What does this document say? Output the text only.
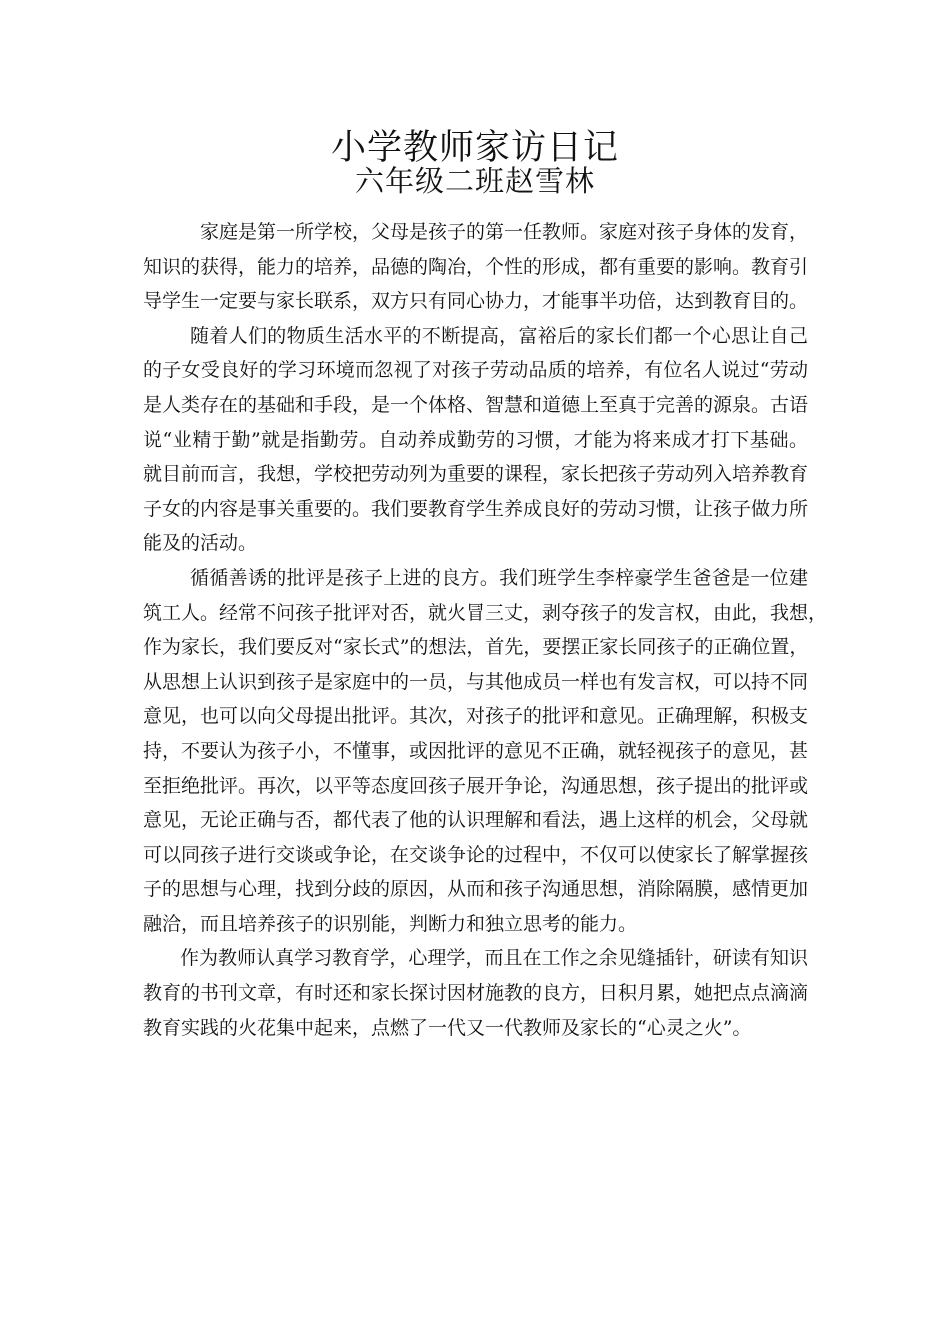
小学教师家访日记
六年级二班赵雪林
家庭是第一所学校，父母是孩子的第一任教师。家庭对孩子身体的发育，
知识的获得，能力的培养，品德的陶冶，个性的形成，都有重要的影响。教育引
导学生一定要与家长联系，双方只有同心协力，才能事半功倍，达到教育目的。
随着人们的物质生活水平的不断提高，富裕后的家长们都一个心思让自己
的子女受良好的学习环境而忽视了对孩子劳动品质的培养，有位名人说过“劳动
是人类存在的基础和手段，是一个体格、智慧和道德上至真于完善的源泉。古语
说“业精于勤”就是指勤劳。自动养成勤劳的习惯，才能为将来成才打下基础。
就目前而言，我想，学校把劳动列为重要的课程，家长把孩子劳动列入培养教育
子女的内容是事关重要的。我们要教育学生养成良好的劳动习惯，让孩子做力所
能及的活动。
循循善诱的批评是孩子上进的良方。我们班学生李梓豪学生爸爸是一位建
筑工人。经常不问孩子批评对否，就火冒三丈，剥夺孩子的发言权，由此，我想，
作为家长，我们要反对“家长式”的想法，首先，要摆正家长同孩子的正确位置，
从思想上认识到孩子是家庭中的一员，与其他成员一样也有发言权，可以持不同
意见，也可以向父母提出批评。其次，对孩子的批评和意见。正确理解，积极支
持，不要认为孩子小，不懂事，或因批评的意见不正确，就轻视孩子的意见，甚
至拒绝批评。再次，以平等态度回孩子展开争论，沟通思想，孩子提出的批评或
意见，无论正确与否，都代表了他的认识理解和看法，遇上这样的机会，父母就
可以同孩子进行交谈或争论，在交谈争论的过程中，不仅可以使家长了解掌握孩
子的思想与心理，找到分歧的原因，从而和孩子沟通思想，消除隔膜，感情更加
融洽，而且培养孩子的识别能，判断力和独立思考的能力。
作为教师认真学习教育学，心理学，而且在工作之余见缝插针，研读有知识
教育的书刊文章，有时还和家长探讨因材施教的良方，日积月累，她把点点滴滴
教育实践的火花集中起来，点燃了一代又一代教师及家长的“心灵之火”。
